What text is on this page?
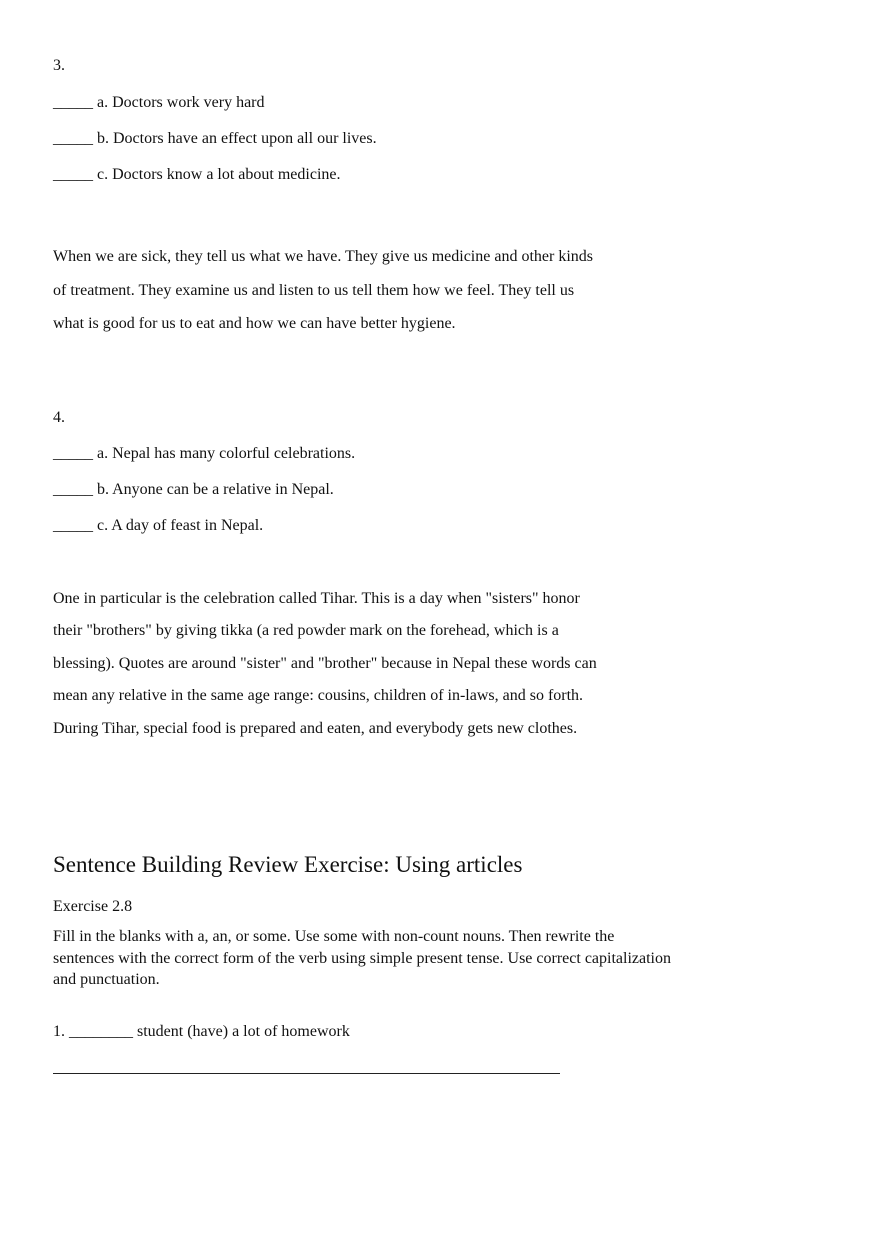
3.
_____ a. Doctors work very hard
_____ b. Doctors have an effect upon all our lives.
_____ c. Doctors know a lot about medicine.
When we are sick, they tell us what we have. They give us medicine and other kinds
of treatment. They examine us and listen to us tell them how we feel. They tell us
what is good for us to eat and how we can have better hygiene.
4.
_____ a. Nepal has many colorful celebrations.
_____ b. Anyone can be a relative in Nepal.
_____ c. A day of feast in Nepal.
One in particular is the celebration called Tihar. This is a day when "sisters" honor
their "brothers" by giving tikka (a red powder mark on the forehead, which is a
blessing). Quotes are around "sister" and "brother" because in Nepal these words can
mean any relative in the same age range: cousins, children of in-laws, and so forth.
During Tihar, special food is prepared and eaten, and everybody gets new clothes.
Sentence Building Review Exercise: Using articles
Exercise 2.8
Fill in the blanks with a, an, or some. Use some with non-count nouns. Then rewrite the sentences with the correct form of the verb using simple present tense. Use correct capitalization and punctuation.
1. ________ student (have) a lot of homework
